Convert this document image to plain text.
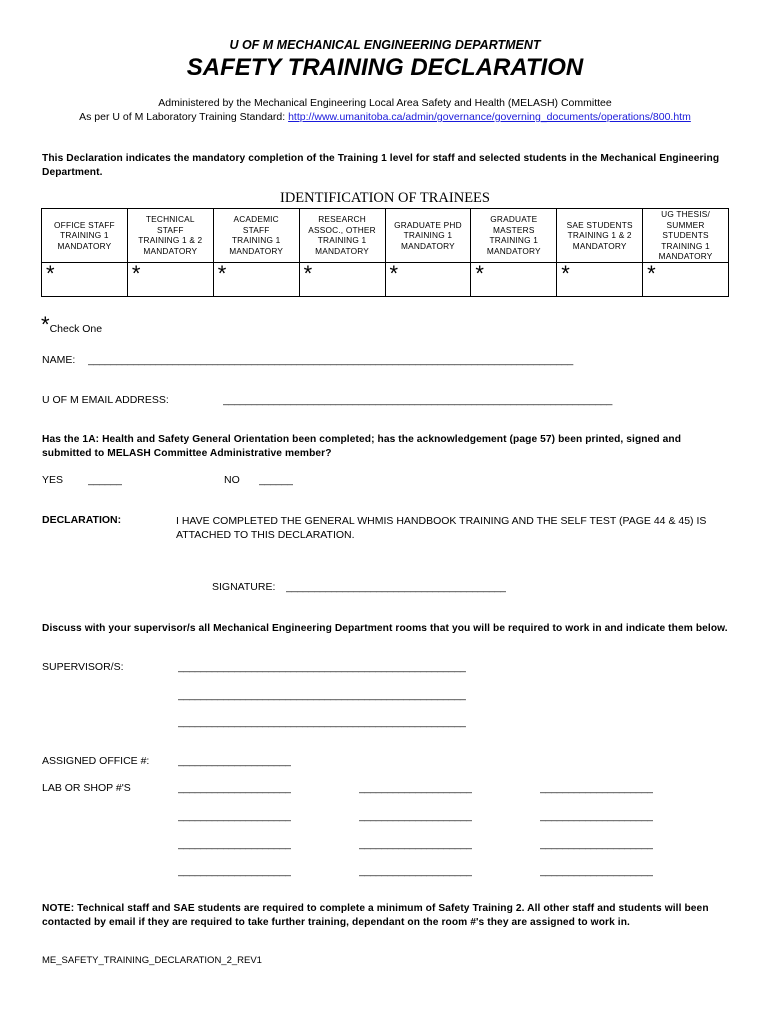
U OF M MECHANICAL ENGINEERING DEPARTMENT
SAFETY TRAINING DECLARATION
Administered by the Mechanical Engineering Local Area Safety and Health (MELASH) Committee
As per U of M Laboratory Training Standard: http://www.umanitoba.ca/admin/governance/governing_documents/operations/800.htm
This Declaration indicates the mandatory completion of the Training 1 level for staff and selected students in the Mechanical Engineering Department.
IDENTIFICATION OF TRAINEES
OFFICE STAFF
TRAINING 1
MANDATORY	TECHNICAL
STAFF
TRAINING 1 & 2
MANDATORY	ACADEMIC
STAFF
TRAINING 1
MANDATORY	RESEARCH
ASSOC., OTHER
TRAINING 1
MANDATORY	GRADUATE PHD
TRAINING 1
MANDATORY	GRADUATE
MASTERS
TRAINING 1
MANDATORY	SAE STUDENTS
TRAINING 1 & 2
MANDATORY	UG THESIS/
SUMMER
STUDENTS
TRAINING 1
MANDATORY
*	*	*	*	*	*	*	*
*Check One
NAME: ______________________________________________________________________________________
U OF M EMAIL ADDRESS:	_____________________________________________________________________
Has the 1A: Health and Safety General Orientation been completed; has the acknowledgement (page 57) been printed, signed and submitted to MELASH Committee Administrative member?
YES ______	NO ______
DECLARATION:	I HAVE COMPLETED THE GENERAL WHMIS HANDBOOK TRAINING AND THE SELF TEST (PAGE 44 & 45) IS ATTACHED TO THIS DECLARATION.
SIGNATURE: _______________________________________
Discuss with your supervisor/s all Mechanical Engineering Department rooms that you will be required to work in and indicate them below.
SUPERVISOR/S:	___________________________________________________
___________________________________________________
___________________________________________________
ASSIGNED OFFICE #:	____________________
LAB OR SHOP #'S	____________________	____________________	____________________
____________________	____________________	____________________
____________________	____________________	____________________
____________________	____________________	____________________
NOTE: Technical staff and SAE students are required to complete a minimum of Safety Training 2. All other staff and students will been contacted by email if they are required to take further training, dependant on the room #'s they are assigned to work in.
ME_SAFETY_TRAINING_DECLARATION_2_REV1
